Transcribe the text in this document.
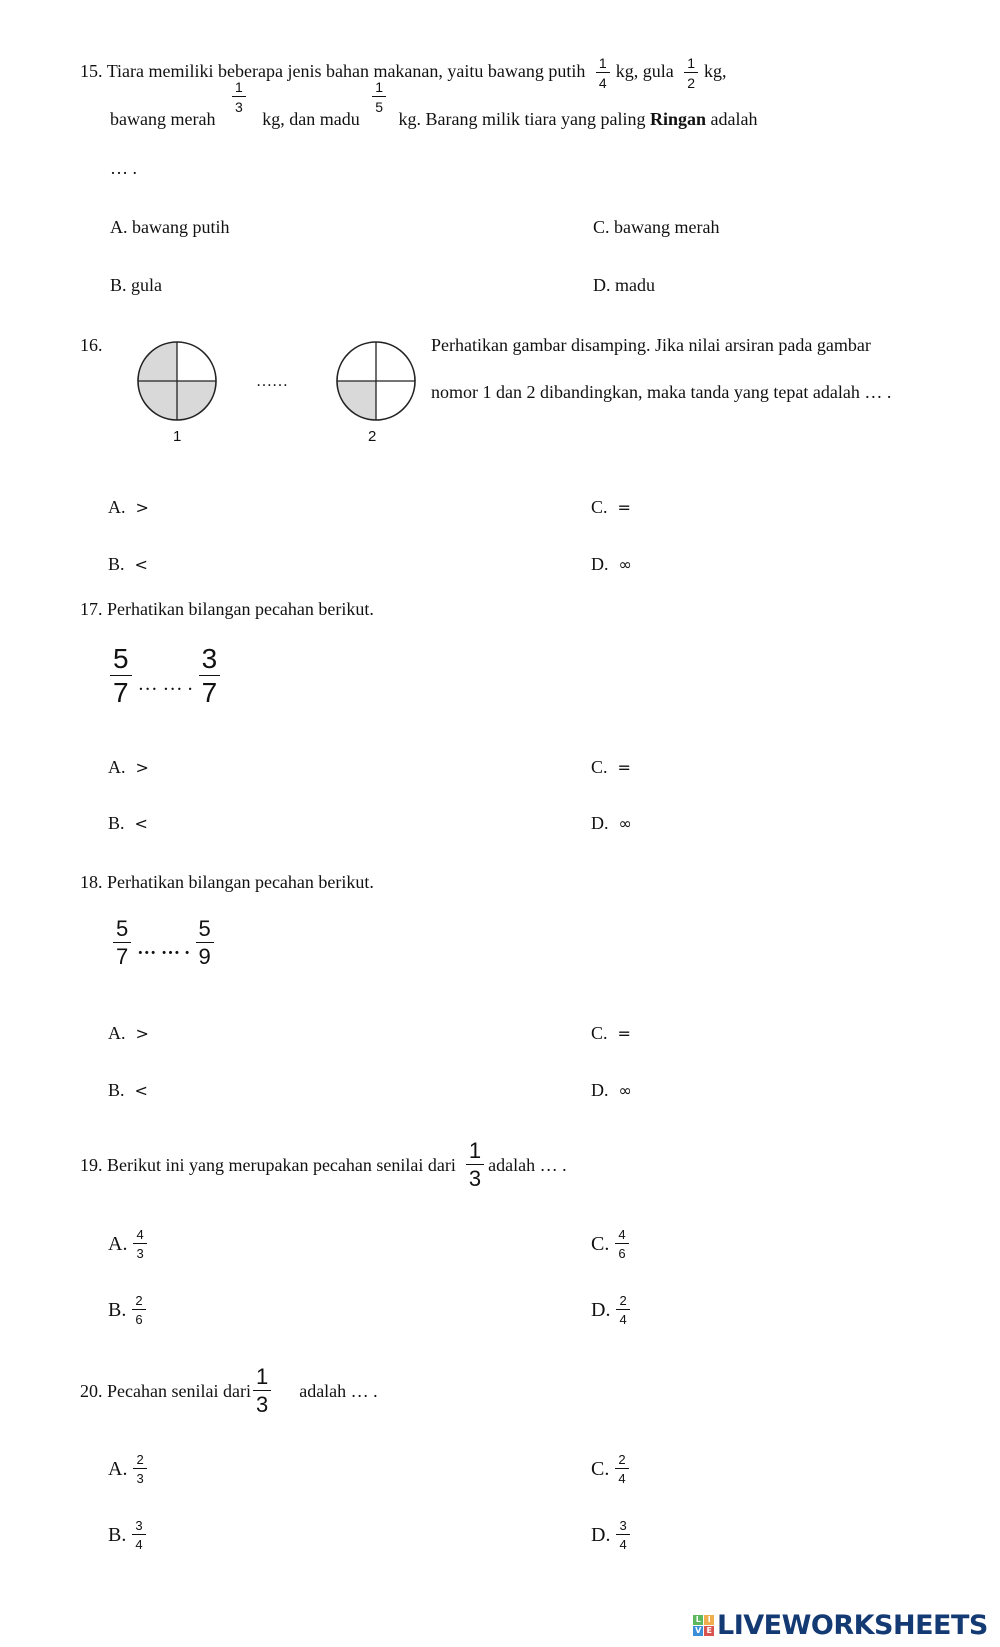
15. Tiara memiliki beberapa jenis bahan makanan, yaitu bawang putih $\frac{1}{4}$ kg, gula $\frac{1}{2}$ kg,
bawang merah
$\frac{1}{3}$
kg, dan madu
$\frac{1}{5}$
kg. Barang milik tiara yang paling Ringan adalah
… .
A. bawang putih	C. bawang merah
B. gula	D. madu
16.
……
1	2
Perhatikan gambar disamping. Jika nilai arsiran pada gambar
nomor 1 dan 2 dibandingkan, maka tanda yang tepat adalah … .
A. >	C. =
B. <	D. ∞
17. Perhatikan bilangan pecahan berikut.
$\frac{5}{7}$ … … . $\frac{3}{7}$
A. >	C. =
B. <	D. ∞
18. Perhatikan bilangan pecahan berikut.
$\frac{5}{7}$ … … . $\frac{5}{9}$
A. >	C. =
B. <	D. ∞
19. Berikut ini yang merupakan pecahan senilai dari $\frac{1}{3}$ adalah … .
A. $\frac{4}{3}$	C. $\frac{4}{6}$
B. $\frac{2}{6}$	D. $\frac{2}{4}$
20. Pecahan senilai dari $\frac{1}{3}$ adalah … .
A. $\frac{2}{3}$	C. $\frac{2}{4}$
B. $\frac{3}{4}$	D. $\frac{3}{4}$
L I
V E LIVEWORKSHEETS
